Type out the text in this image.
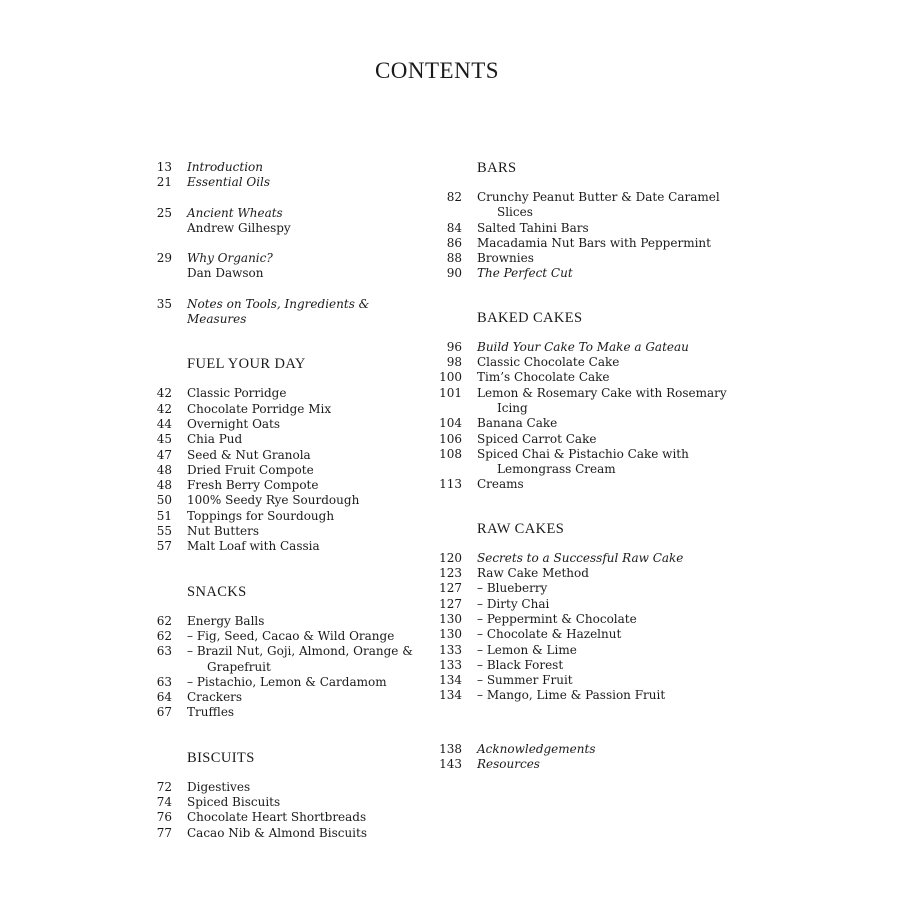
CONTENTS
13	Introduction
21	Essential Oils
25	Ancient Wheats
Andrew Gilhespy
29	Why Organic?
Dan Dawson
35	Notes on Tools, Ingredients & Measures
FUEL YOUR DAY
42	Classic Porridge
42	Chocolate Porridge Mix
44	Overnight Oats
45	Chia Pud
47	Seed & Nut Granola
48	Dried Fruit Compote
48	Fresh Berry Compote
50	100% Seedy Rye Sourdough
51	Toppings for Sourdough
55	Nut Butters
57	Malt Loaf with Cassia
SNACKS
62	Energy Balls
62	– Fig, Seed, Cacao & Wild Orange
63	– Brazil Nut, Goji, Almond, Orange &
Grapefruit
63	– Pistachio, Lemon & Cardamom
64	Crackers
67	Truffles
BISCUITS
72	Digestives
74	Spiced Biscuits
76	Chocolate Heart Shortbreads
77	Cacao Nib & Almond Biscuits
BARS
82	Crunchy Peanut Butter & Date Caramel
Slices
84	Salted Tahini Bars
86	Macadamia Nut Bars with Peppermint
88	Brownies
90	The Perfect Cut
BAKED CAKES
96	Build Your Cake To Make a Gateau
98	Classic Chocolate Cake
100	Tim’s Chocolate Cake
101	Lemon & Rosemary Cake with Rosemary
Icing
104	Banana Cake
106	Spiced Carrot Cake
108	Spiced Chai & Pistachio Cake with
Lemongrass Cream
113	Creams
RAW CAKES
120	Secrets to a Successful Raw Cake
123	Raw Cake Method
127	– Blueberry
127	– Dirty Chai
130	– Peppermint & Chocolate
130	– Chocolate & Hazelnut
133	– Lemon & Lime
133	– Black Forest
134	– Summer Fruit
134	– Mango, Lime & Passion Fruit
138	Acknowledgements
143	Resources
